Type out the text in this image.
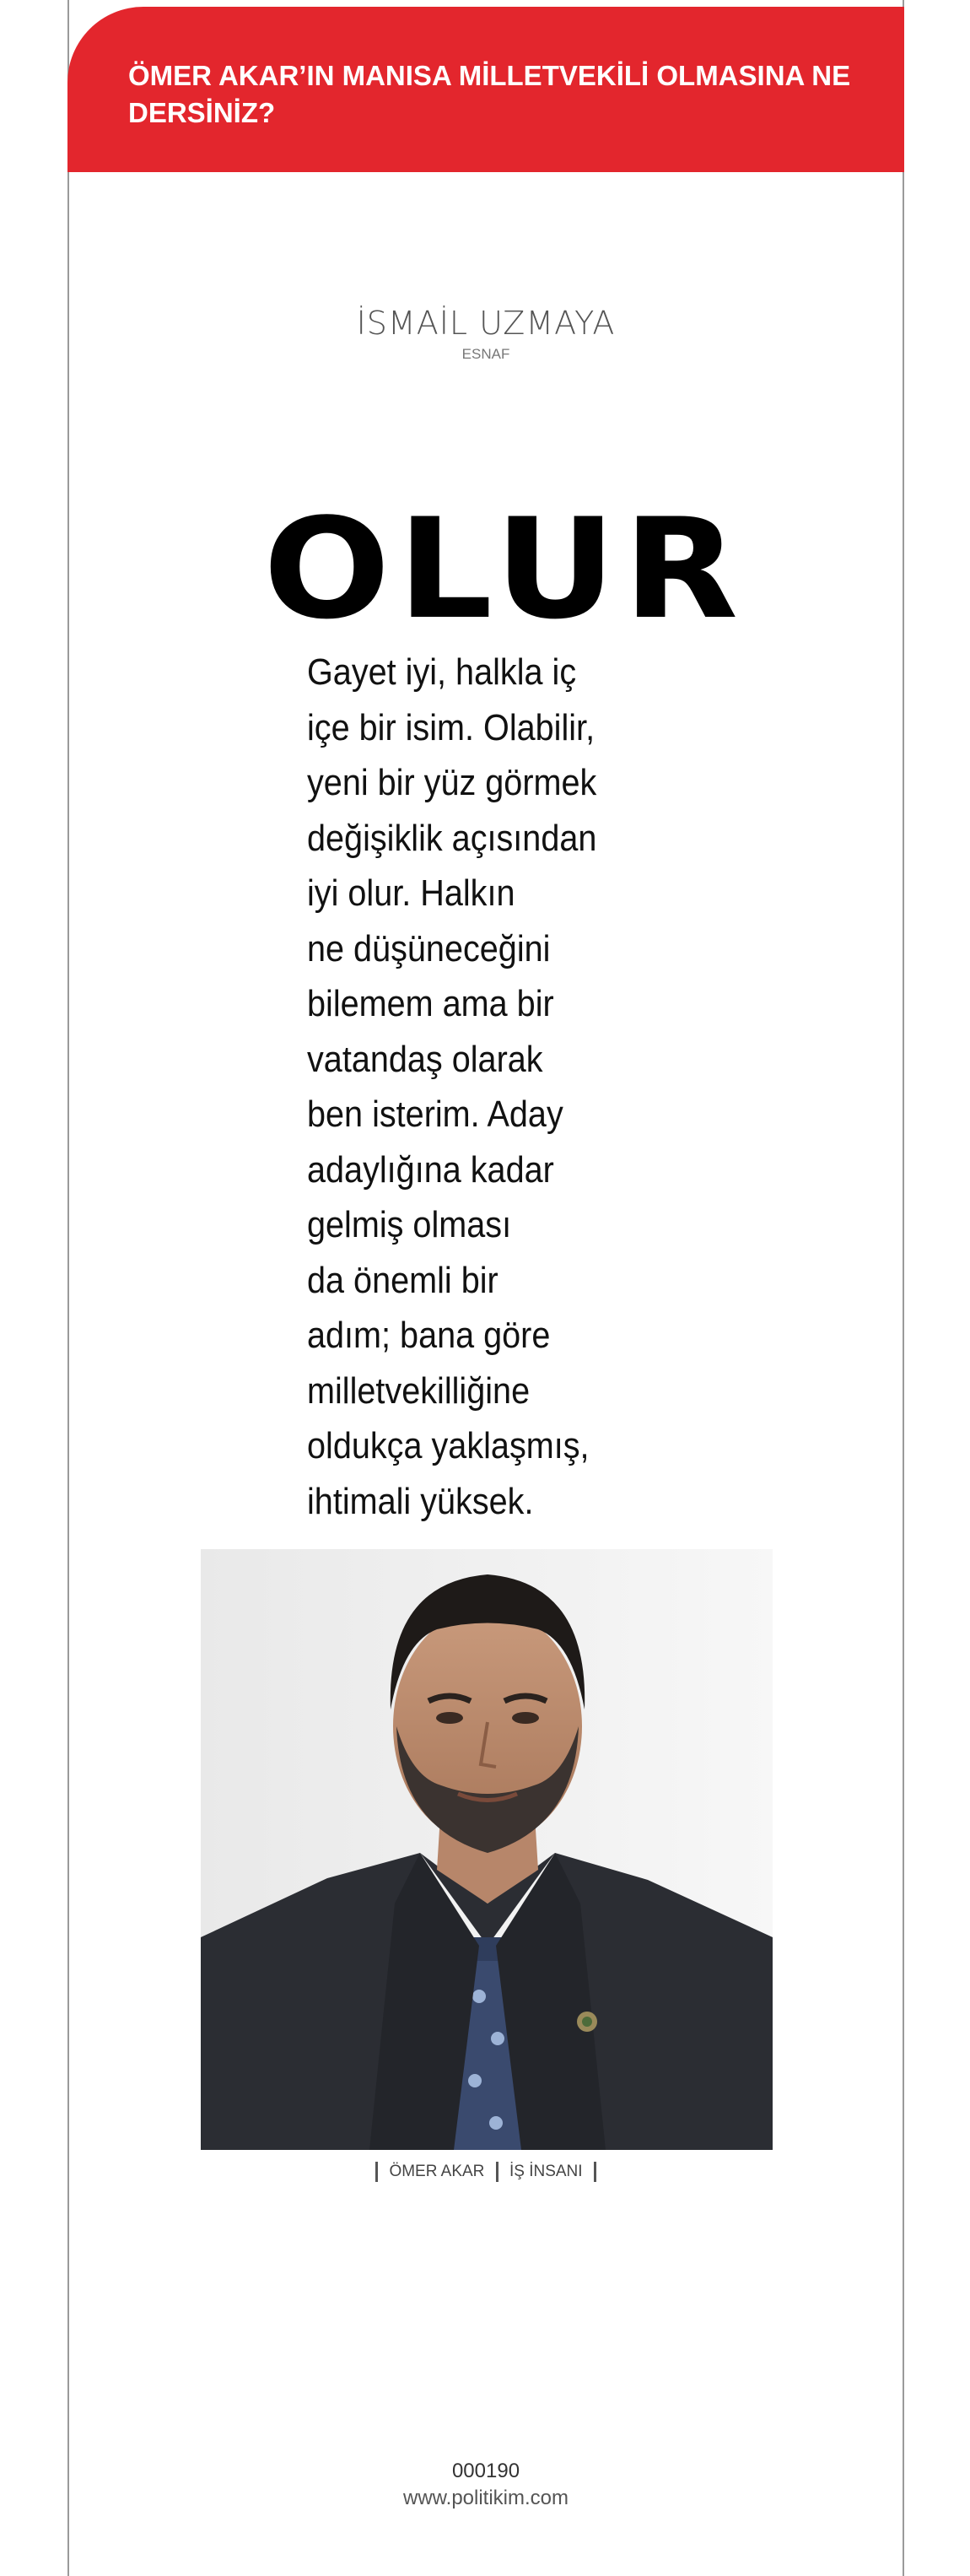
ÖMER AKAR’IN MANISA MİLLETVEKİLİ OLMASINA NE DERSİNİZ?
İSMAİL UZMAYA
ESNAF
OLUR
Gayet iyi, halkla iç
içe bir isim. Olabilir,
yeni bir yüz görmek
değişiklik açısından
iyi olur. Halkın
ne düşüneceğini
bilemem ama bir
vatandaş olarak
ben isterim. Aday
adaylığına kadar
gelmiş olması
da önemli bir
adım; bana göre
milletvekilliğine
oldukça yaklaşmış,
ihtimali yüksek.
ÖMER AKAR İŞ İNSANI
000190
www.politikim.com
